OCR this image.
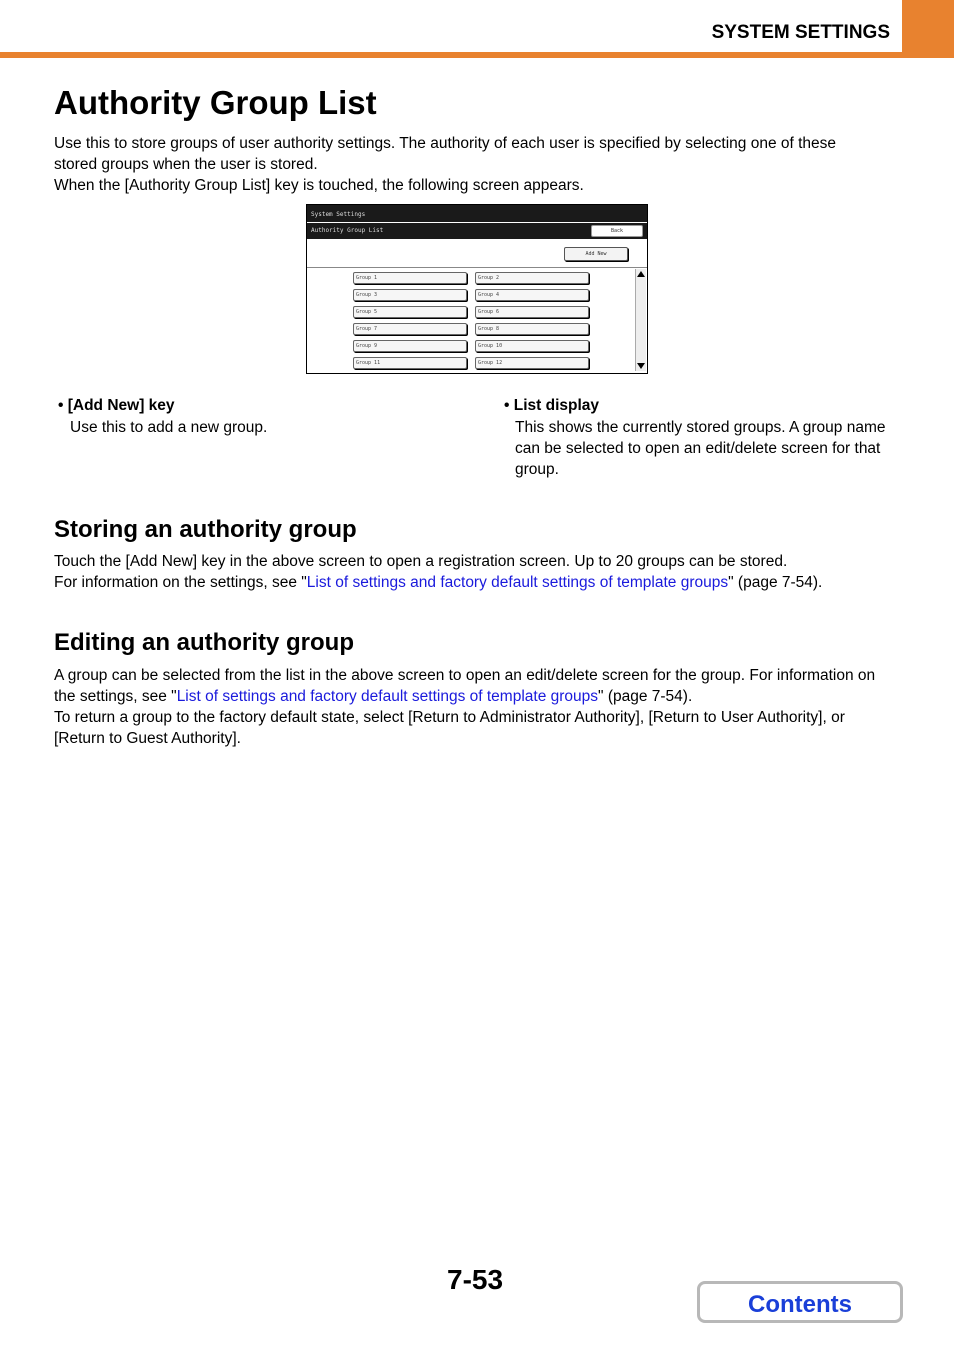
SYSTEM SETTINGS
Authority Group List

Use this to store groups of user authority settings. The authority of each user is specified by selecting one of these
stored groups when the user is stored.
When the [Authority Group List] key is touched, the following screen appears.

System Settings
Authority Group List	Back
Add New
Group 1	Group 2
Group 3	Group 4
Group 5	Group 6
Group 7	Group 8
Group 9	Group 10
Group 11	Group 12

• [Add New] key

Use this to add a new group.

• List display

This shows the currently stored groups. A group name
can be selected to open an edit/delete screen for that
group.

Storing an authority group

Touch the [Add New] key in the above screen to open a registration screen. Up to 20 groups can be stored.
For information on the settings, see "List of settings and factory default settings of template groups" (page 7-54).

Editing an authority group

A group can be selected from the list in the above screen to open an edit/delete screen for the group. For information on
the settings, see "List of settings and factory default settings of template groups" (page 7-54).
To return a group to the factory default state, select [Return to Administrator Authority], [Return to User Authority], or
[Return to Guest Authority].

7-53
Contents
